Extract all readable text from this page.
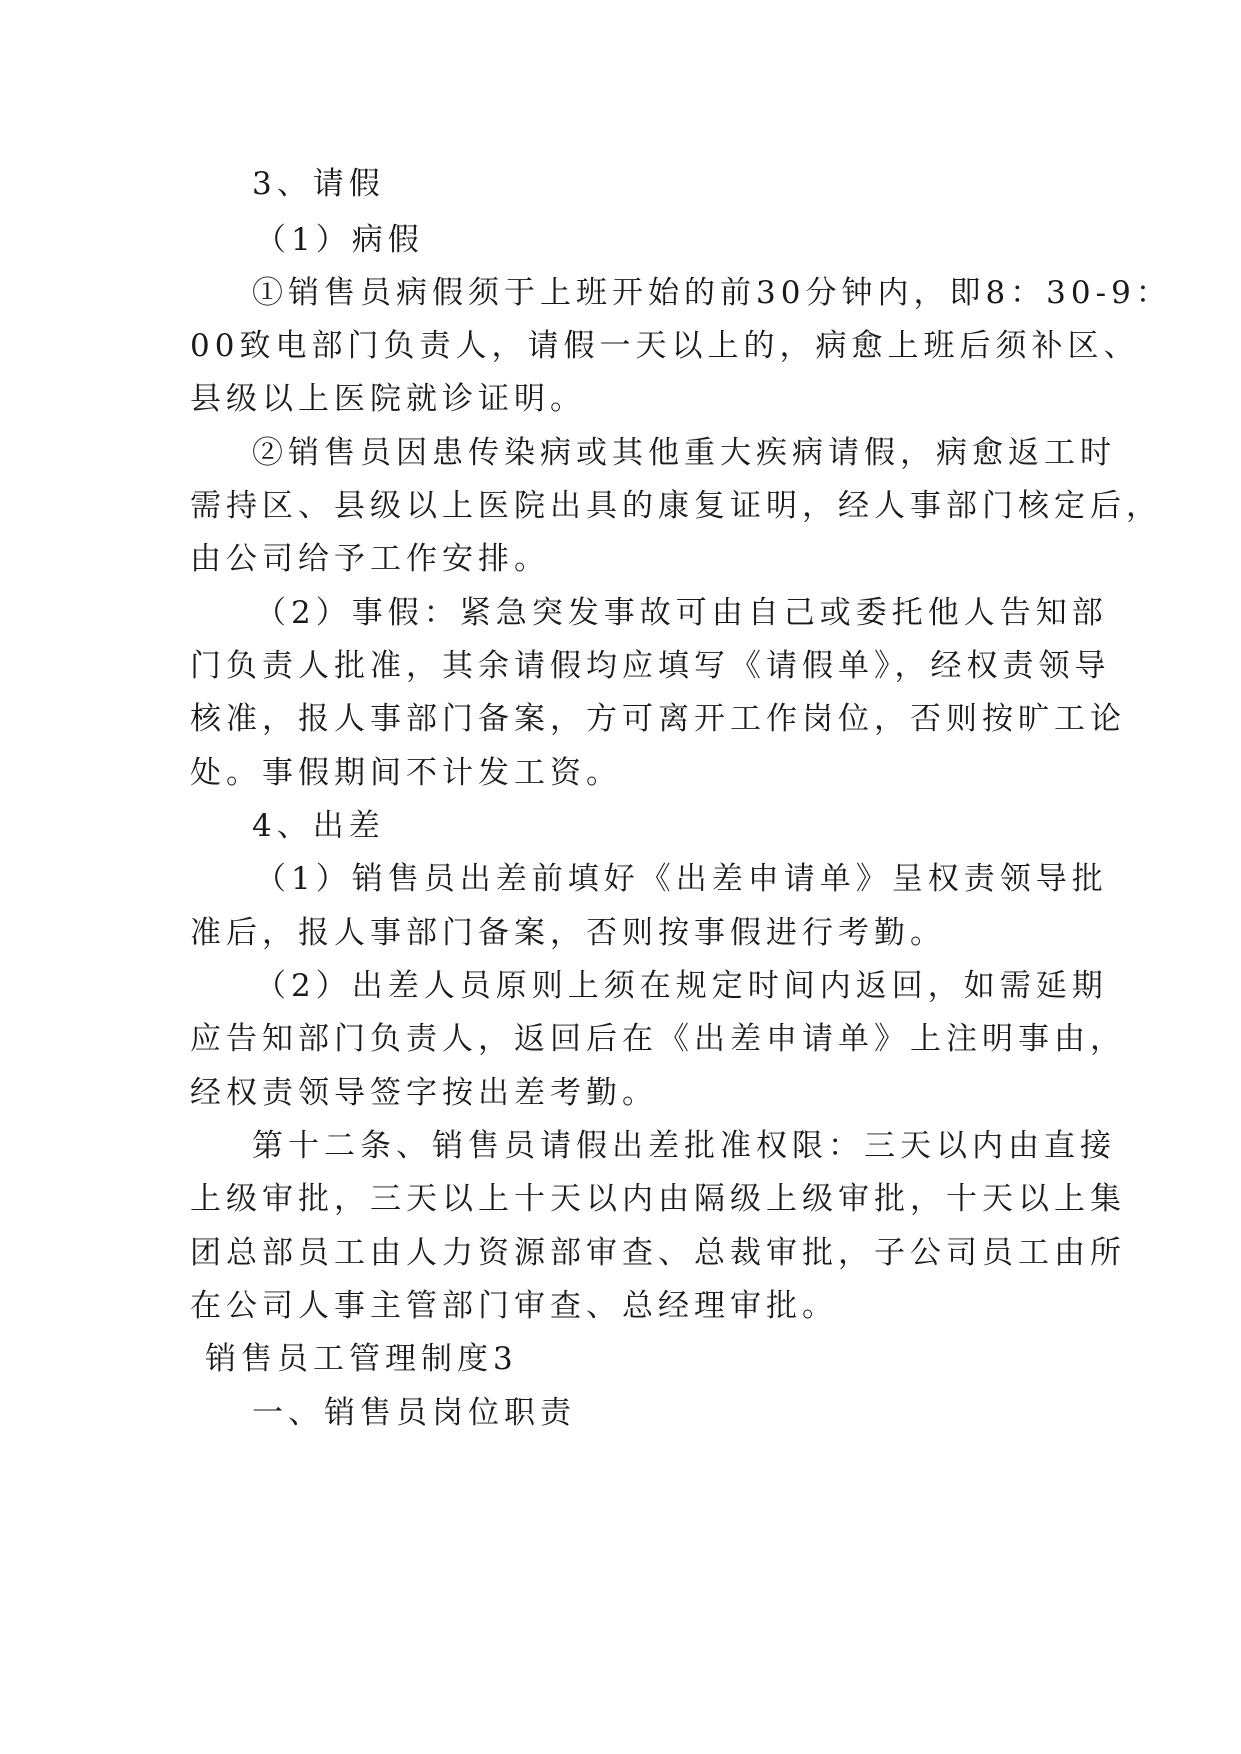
3、请假
（1）病假
①销售员病假须于上班开始的前30分钟内，即8：30-9：
00致电部门负责人，请假一天以上的，病愈上班后须补区、
县级以上医院就诊证明。
②销售员因患传染病或其他重大疾病请假，病愈返工时
需持区、县级以上医院出具的康复证明，经人事部门核定后，
由公司给予工作安排。
（2）事假：紧急突发事故可由自己或委托他人告知部
门负责人批准，其余请假均应填写《请假单》，经权责领导
核准，报人事部门备案，方可离开工作岗位，否则按旷工论
处。事假期间不计发工资。
4、出差
（1）销售员出差前填好《出差申请单》呈权责领导批
准后，报人事部门备案，否则按事假进行考勤。
（2）出差人员原则上须在规定时间内返回，如需延期
应告知部门负责人，返回后在《出差申请单》上注明事由，
经权责领导签字按出差考勤。
第十二条、销售员请假出差批准权限：三天以内由直接
上级审批，三天以上十天以内由隔级上级审批，十天以上集
团总部员工由人力资源部审查、总裁审批，子公司员工由所
在公司人事主管部门审查、总经理审批。
销售员工管理制度3
一、销售员岗位职责
